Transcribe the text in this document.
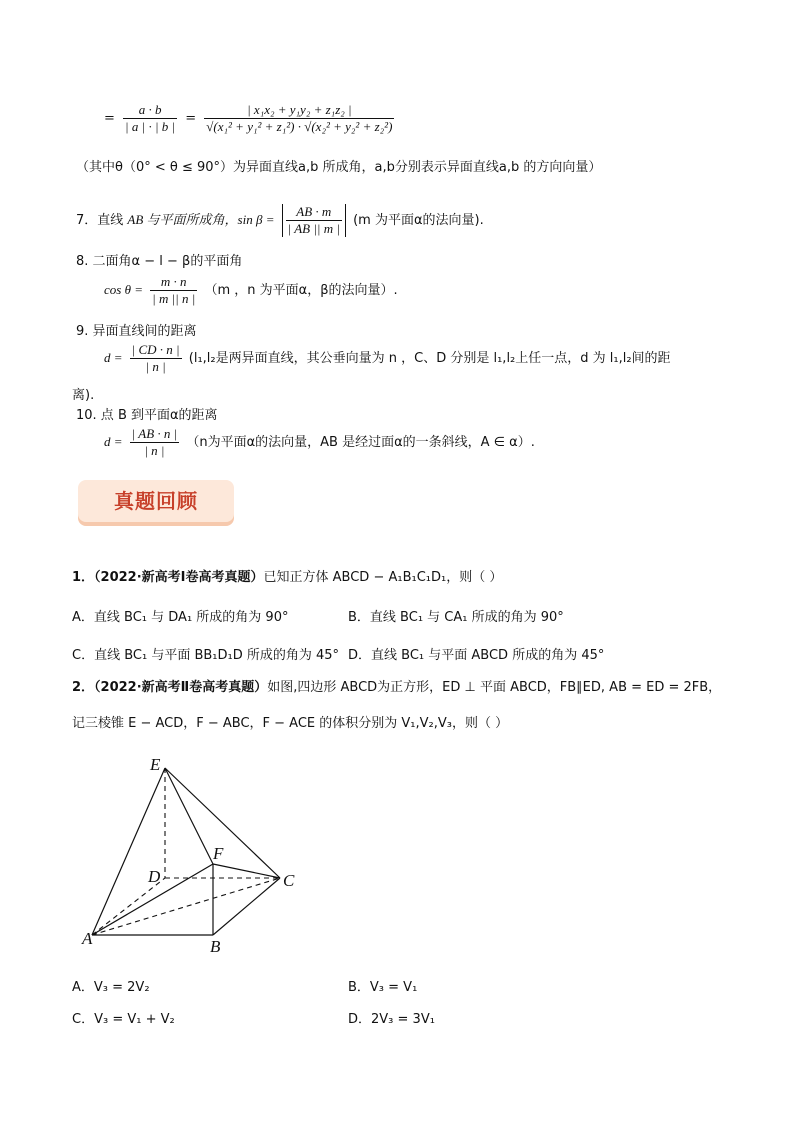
= $\frac{a \cdot b}{| a | \cdot | b |} = \frac{\text{| x₁x₂ + y₁y₂ + z₁z₂ |}}{\text{√(x₁² + y₁² + z₁²) · √(x₂² + y₂² + z₂²)}}$
（其中θ（0° < θ ≤ 90°）为异面直线a,b 所成角，a,b分别表示异面直线a,b 的方向向量）
7．直线 AB 与平面所成角，$\sin \beta = \frac{AB \cdot m}{| AB || m |} (m$ 为平面α的法向量).
8. 二面角α − l − β的平面角
$\cos \theta = \frac{m \cdot n}{| m || n |} (m$ ，n 为平面α，β的法向量）.
9. 异面直线间的距离
$d = \frac{| CD \cdot n |}{| n |} (l_1,l_2$是两异面直线，其公垂向量为 n ，C、D 分别是 l₁,l₂上任一点，d 为 l₁,l₂间的距
离).
10. 点 B 到平面α的距离
$d = \frac{| AB \cdot n |}{| n |} (n$为平面α的法向量，AB 是经过面α的一条斜线，A ∈ α）.
真题回顾
1．（2022·新高考Ⅰ卷高考真题）已知正方体 ABCD − A₁B₁C₁D₁，则（ ）
A．直线 BC₁ 与 DA₁ 所成的角为 90°	B．直线 BC₁ 与 CA₁ 所成的角为 90°
C．直线 BC₁ 与平面 BB₁D₁D 所成的角为 45° D．直线 BC₁ 与平面 ABCD 所成的角为 45°
2．（2022·新高考Ⅱ卷高考真题）如图,四边形 ABCD为正方形，ED ⊥ 平面 ABCD，FB∥ED, AB = ED = 2FB，
记三棱锥 E − ACD，F − ABC，F − ACE 的体积分别为 V₁,V₂,V₃，则（ ）
E
F
D	C
A	B
A．V₃ = 2V₂	B．V₃ = V₁
C．V₃ = V₁ + V₂	D．2V₃ = 3V₁
